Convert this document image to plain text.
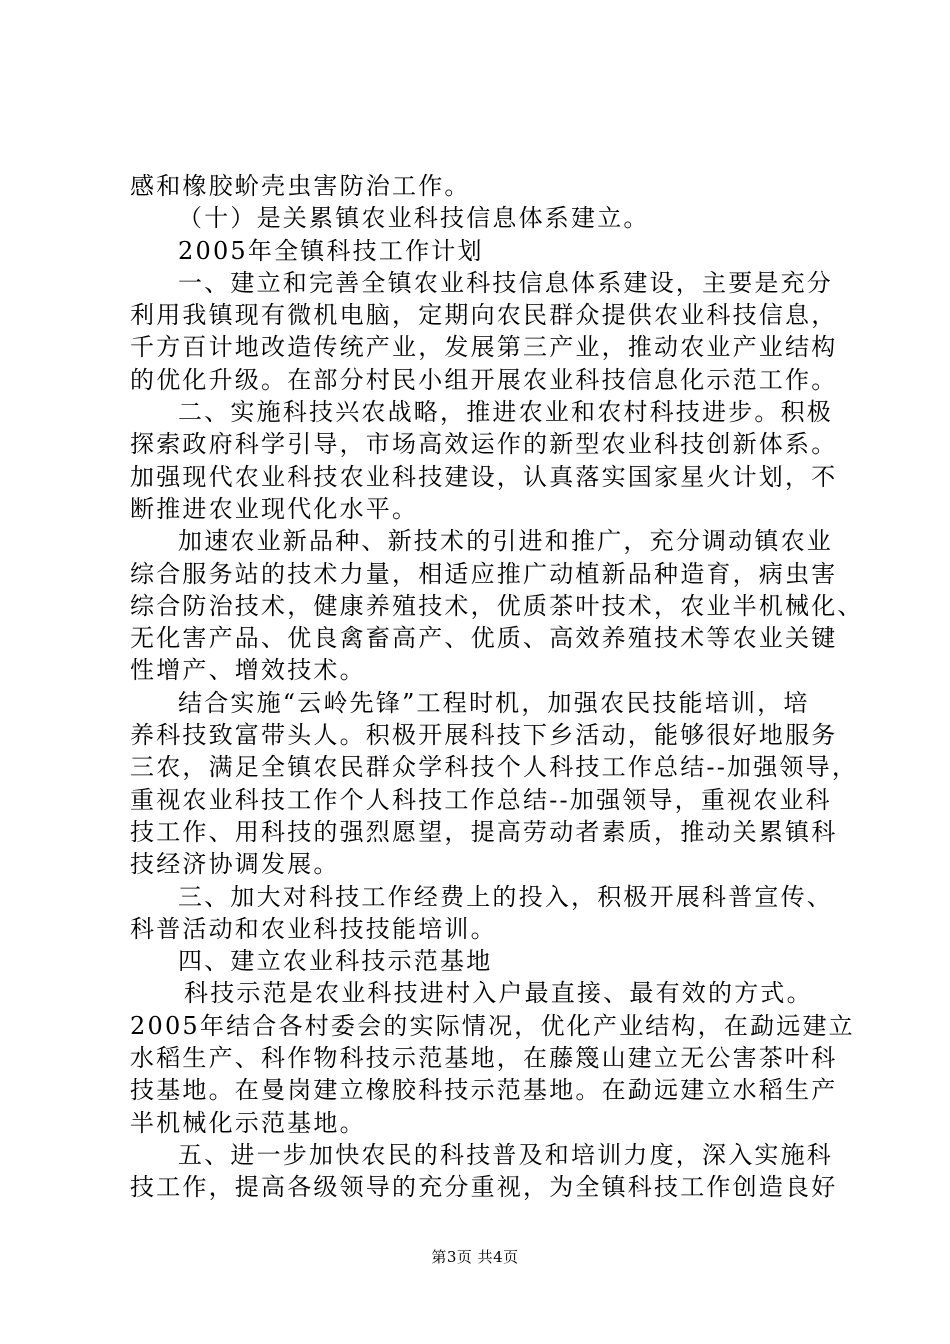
感和橡胶蚧壳虫害防治工作。
（十）是关累镇农业科技信息体系建立。
2005年全镇科技工作计划
一、建立和完善全镇农业科技信息体系建设，主要是充分
利用我镇现有微机电脑，定期向农民群众提供农业科技信息，
千方百计地改造传统产业，发展第三产业，推动农业产业结构
的优化升级。在部分村民小组开展农业科技信息化示范工作。
二、实施科技兴农战略，推进农业和农村科技进步。积极
探索政府科学引导，市场高效运作的新型农业科技创新体系。
加强现代农业科技农业科技建设，认真落实国家星火计划，不
断推进农业现代化水平。
加速农业新品种、新技术的引进和推广，充分调动镇农业
综合服务站的技术力量，相适应推广动植新品种造育，病虫害
综合防治技术，健康养殖技术，优质茶叶技术，农业半机械化、
无化害产品、优良禽畜高产、优质、高效养殖技术等农业关键
性增产、增效技术。
结合实施“云岭先锋”工程时机，加强农民技能培训，培
养科技致富带头人。积极开展科技下乡活动，能够很好地服务
三农，满足全镇农民群众学科技个人科技工作总结--加强领导，
重视农业科技工作个人科技工作总结--加强领导，重视农业科
技工作、用科技的强烈愿望，提高劳动者素质，推动关累镇科
技经济协调发展。
三、加大对科技工作经费上的投入，积极开展科普宣传、
科普活动和农业科技技能培训。
四、建立农业科技示范基地
科技示范是农业科技进村入户最直接、最有效的方式。
2005年结合各村委会的实际情况，优化产业结构，在勐远建立
水稻生产、科作物科技示范基地，在藤篾山建立无公害茶叶科
技基地。在曼岗建立橡胶科技示范基地。在勐远建立水稻生产
半机械化示范基地。
五、进一步加快农民的科技普及和培训力度，深入实施科
技工作，提高各级领导的充分重视，为全镇科技工作创造良好
第3页 共4页
